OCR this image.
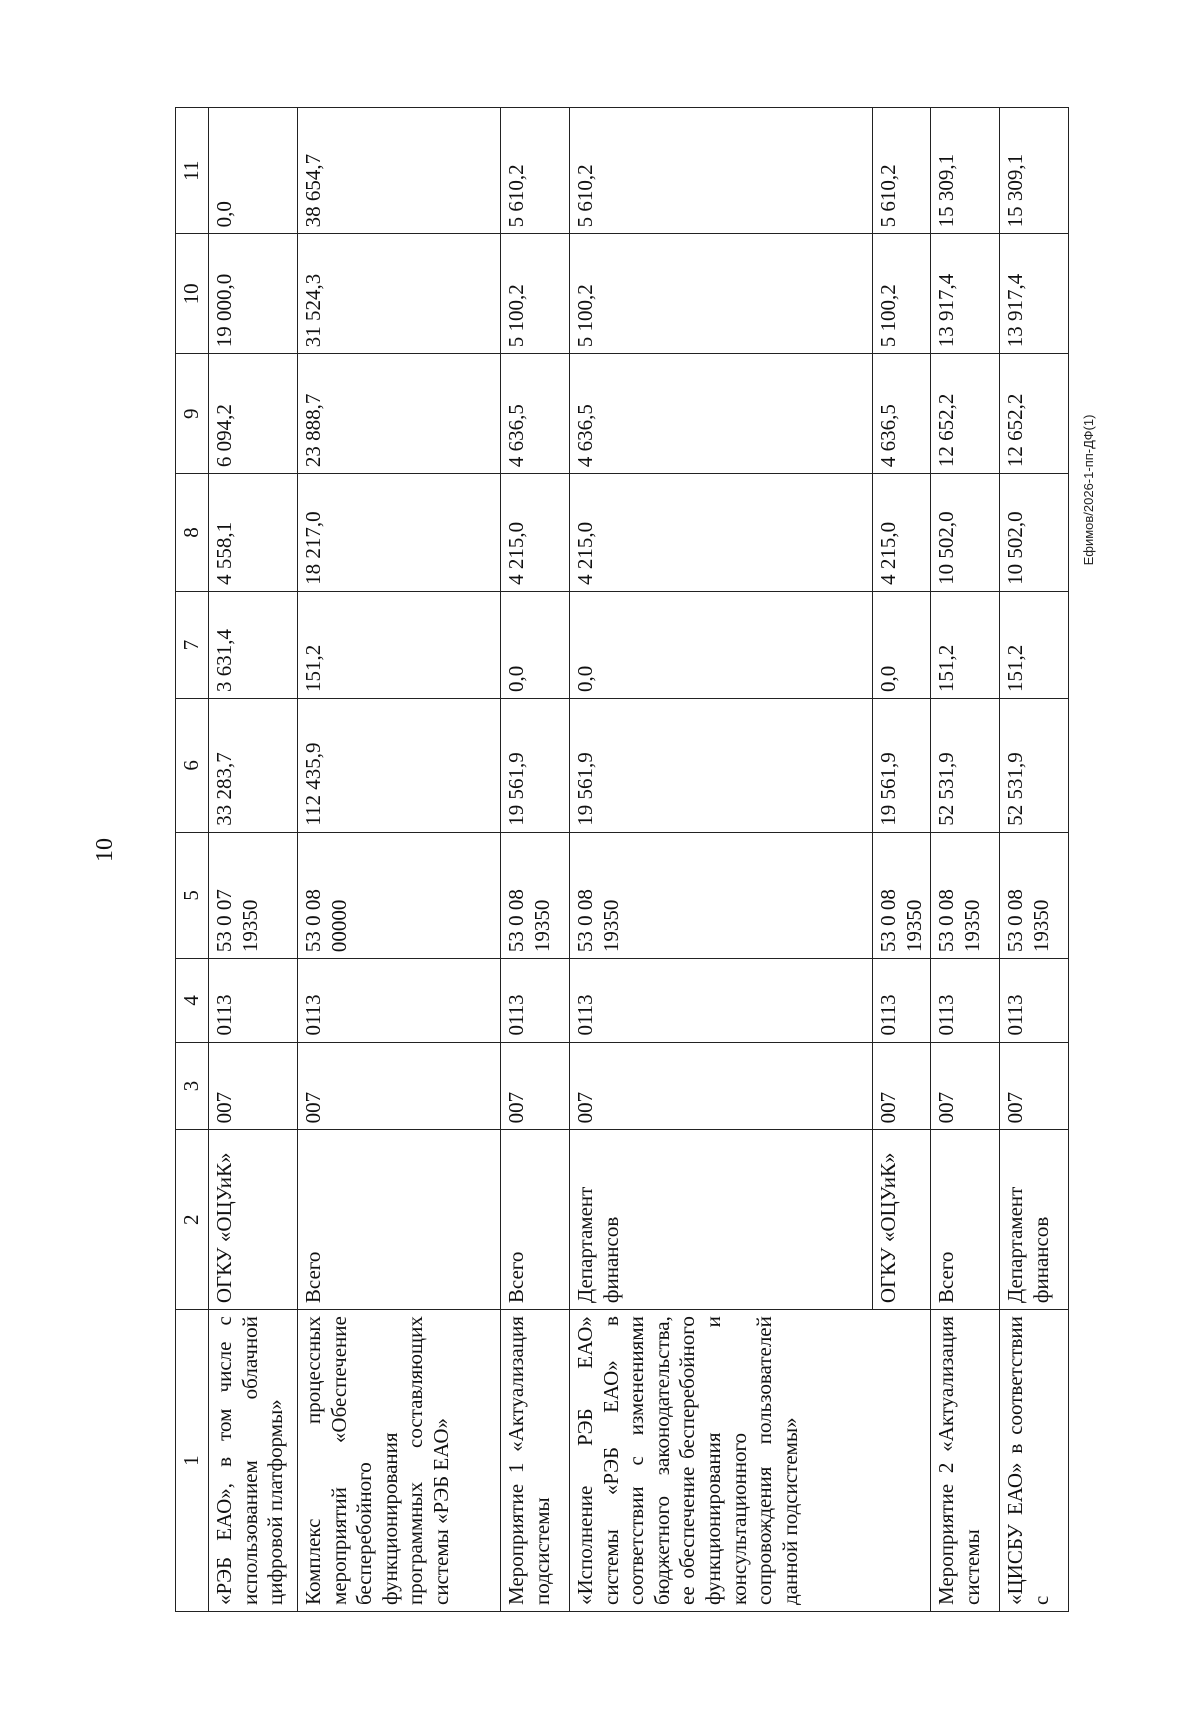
10
Ефимов/2026-1-пп-ДФ(1)
1	2	3	4	5	6	7	8	9	10	11
«РЭБ ЕАО», в том числе с использованием облачной цифровой платформы»	ОГКУ «ОЦУиК»	007	0113	53 0 07 19350	33 283,7	3 631,4	4 558,1	6 094,2	19 000,0	0,0
Комплекс процессных мероприятий «Обеспечение бесперебойного функционирования программных составляющих системы «РЭБ ЕАО»	Всего	007	0113	53 0 08 00000	112 435,9	151,2	18 217,0	23 888,7	31 524,3	38 654,7
Мероприятие 1 «Актуализация подсистемы	Всего	007	0113	53 0 08 19350	19 561,9	0,0	4 215,0	4 636,5	5 100,2	5 610,2
«Исполнение РЭБ ЕАО» системы «РЭБ ЕАО» в соответствии с изменениями бюджетного законодательства, ее обеспечение бесперебойного функционирования и консультационного сопровождения пользователей данной подсистемы»	Департамент финансов	007	0113	53 0 08 19350	19 561,9	0,0	4 215,0	4 636,5	5 100,2	5 610,2
	ОГКУ «ОЦУиК»	007	0113	53 0 08 19350	19 561,9	0,0	4 215,0	4 636,5	5 100,2	5 610,2
Мероприятие 2 «Актуализация системы	Всего	007	0113	53 0 08 19350	52 531,9	151,2	10 502,0	12 652,2	13 917,4	15 309,1
«ЦИСБУ ЕАО» в соответствии с	Департамент финансов	007	0113	53 0 08 19350	52 531,9	151,2	10 502,0	12 652,2	13 917,4	15 309,1
